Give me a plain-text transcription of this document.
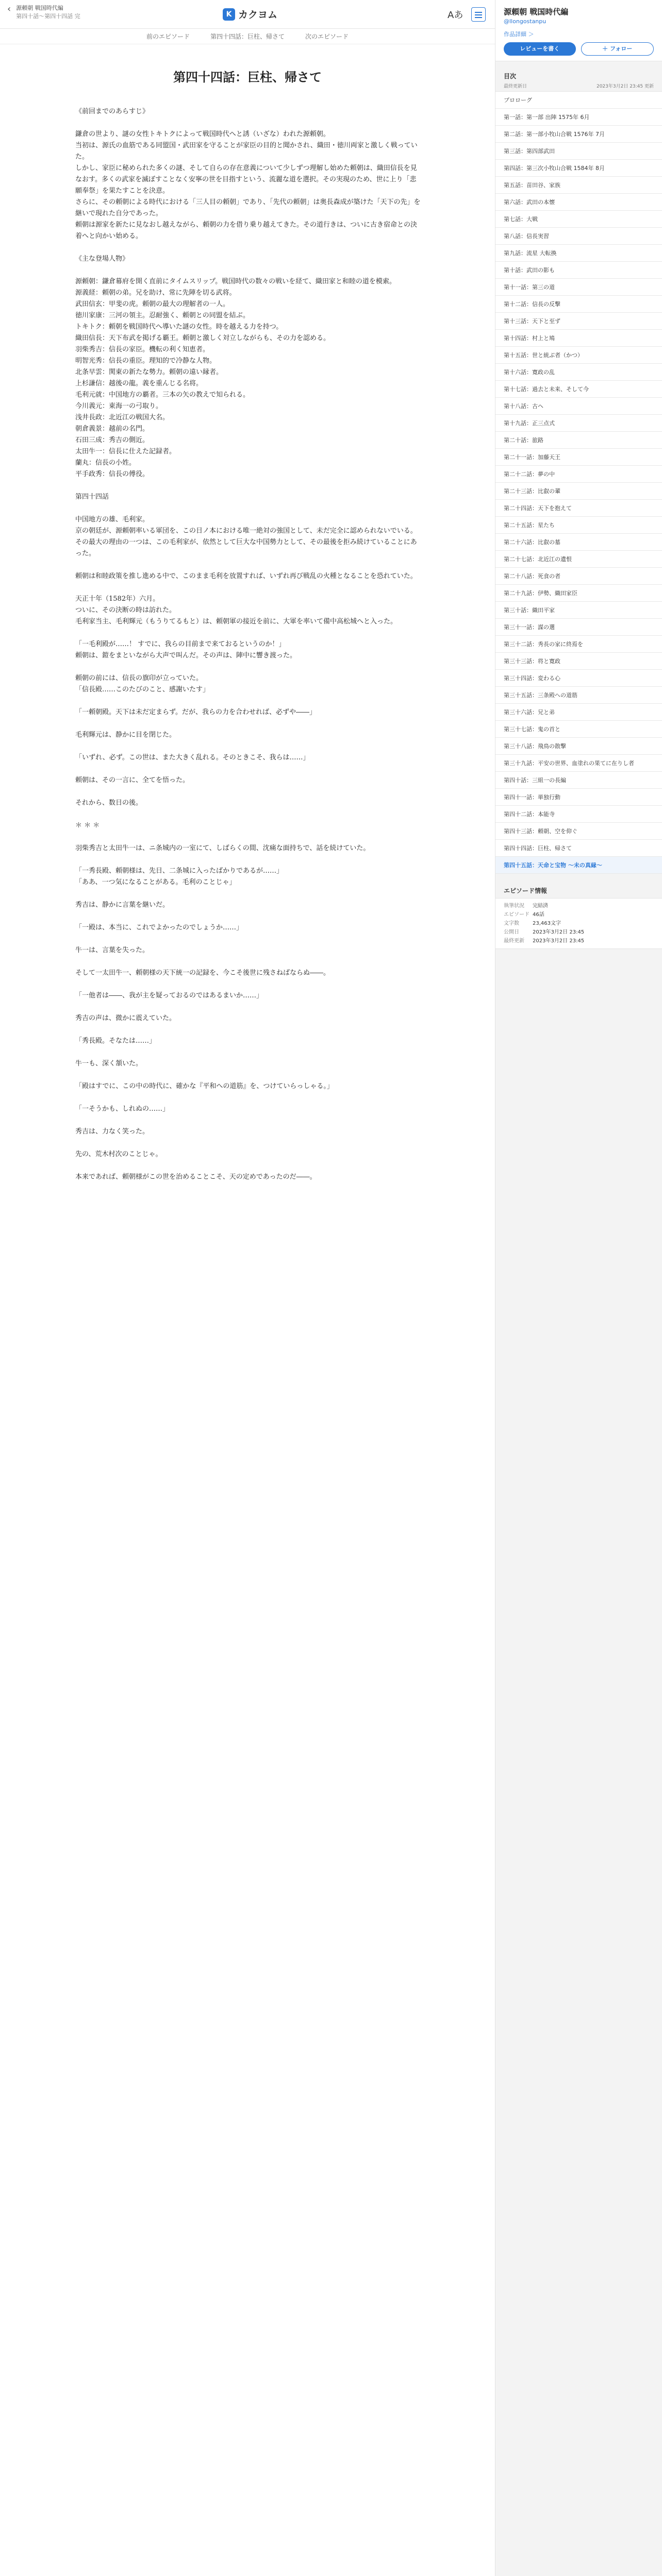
‹ 源頼朝 戦国時代編
第四十話〜第四十四話 完	K カクヨム	Aあ
前のエピソード	第四十四話：巨柱、帰さて	次のエピソード
第四十四話：巨柱、帰さて

《前回までのあらすじ》

鎌倉の世より、謎の女性トキトクによって戦国時代へと誘（いざな）われた源頼朝。
当初は、源氏の血筋である同盟国・武田家を守ることが家臣の目的と聞かされ、織田・徳川両家と激しく戦っていた。
しかし、家臣に秘められた多くの謎、そして自らの存在意義について少しずつ理解し始めた頼朝は、織田信長を見なおす。多くの武家を滅ぼすことなく安寧の世を目指すという、流麗な道を選択。その実現のため、世に上り「悲願奉祭」を果たすことを決意。
さらに、その頼朝による時代における「三人目の頼朝」であり、「先代の頼朝」は奥長森成が築けた「天下の先」を継いで現れた自分であった。
頼朝は源家を新たに見なおし越えながら、頼朝の力を借り乗り越えてきた。その道行きは、ついに古き宿命との決着へと向かい始める。

《主な登場人物》

源頼朝：鎌倉幕府を開く直前にタイムスリップ。戦国時代の数々の戦いを経て、織田家と和睦の道を模索。
源義経：頼朝の弟。兄を助け、常に先陣を切る武将。
武田信玄：甲斐の虎。頼朝の最大の理解者の一人。
徳川家康：三河の領主。忍耐強く、頼朝との同盟を結ぶ。
トキトク：頼朝を戦国時代へ導いた謎の女性。時を越える力を持つ。
織田信長：天下布武を掲げる覇王。頼朝と激しく対立しながらも、その力を認める。
羽柴秀吉：信長の家臣。機転の利く知恵者。
明智光秀：信長の重臣。理知的で冷静な人物。
北条早雲：関東の新たな勢力。頼朝の遠い縁者。
上杉謙信：越後の龍。義を重んじる名将。
毛利元就：中国地方の覇者。三本の矢の教えで知られる。
今川義元：東海一の弓取り。
浅井長政：北近江の戦国大名。
朝倉義景：越前の名門。
石田三成：秀吉の側近。
太田牛一：信長に仕えた記録者。
蘭丸：信長の小姓。
平手政秀：信長の傅役。

第四十四話

中国地方の雄、毛利家。
京の朝廷が、源頼朝率いる軍団を、この日ノ本における唯一絶対の強国として、未だ完全に認められないでいる。その最大の理由の一つは、この毛利家が、依然として巨大な中国勢力として、その最後を拒み続けていることにあった。

頼朝は和睦政策を推し進める中で、このまま毛利を放置すれば、いずれ再び戦乱の火種となることを恐れていた。

天正十年（1582年）六月。
ついに、その決断の時は訪れた。
毛利家当主、毛利輝元（もうりてるもと）は、頼朝軍の接近を前に、大軍を率いて備中高松城へと入った。

「一毛利殿が……！ すでに、我らの目前まで来ておるというのか！」
頼朝は、鎧をまといながら大声で叫んだ。その声は、陣中に響き渡った。

頼朝の前には、信長の旗印が立っていた。
「信長殿……このたびのこと、感謝いたす」

「一頼朝殿。天下は未だ定まらず。だが、我らの力を合わせれば、必ずや――」

毛利輝元は、静かに目を閉じた。

「いずれ、必ず。この世は、また大きく乱れる。そのときこそ、我らは……」

頼朝は、その一言に、全てを悟った。

それから、数日の後。

＊ ＊ ＊

羽柴秀吉と太田牛一は、ニ条城内の一室にて、しばらくの間、沈痛な面持ちで、話を続けていた。

「一秀長殿、頼朝様は、先日、二条城に入ったばかりであるが……」
「ああ、一つ気になることがある。毛利のことじゃ」

秀吉は、静かに言葉を継いだ。

「一殿は、本当に、これでよかったのでしょうか……」

牛一は、言葉を失った。

そして一太田牛一、頼朝様の天下統一の記録を、今こそ後世に残さねばならぬ――。

「一他者は――、我が主を疑っておるのではあるまいか……」

秀吉の声は、微かに震えていた。

「秀長殿。そなたは……」

牛一も、深く頷いた。

「殿はすでに、この中の時代に、確かな『平和への道筋』を、つけていらっしゃる。」

「一そうかも、しれぬの……」

秀吉は、力なく笑った。

先の、荒木村次のことじゃ。

本来であれば、頼朝様がこの世を治めることこそ、天の定めであったのだ――。

源頼朝 戦国時代編
@llongostanpu
作品詳細 ＞
レビューを書く	＋ フォロー
目次
最終更新日	2023年3月2日 23:45 更新
プロローグ
第一話：第一部 出陣 1575年 6月
第二話：第一部小牧山合戦 1576年 7月
第三話：第四部武田
第四話：第三次小牧山合戦 1584年 8月
第五話：苗田谷、家族
第六話：武田の本懐
第七話：大戦
第八話：信長実習
第九話：流星 大転換
第十話：武田の影も
第十一話：第三の道
第十二話：信長の反撃
第十三話：天下と至ず
第十四話：村上と鳩
第十五話：世と統ぶ者（かつ）
第十六話：寛政の乱
第十七話：過去と未来、そして今
第十八話：古ヘ
第十九話：正三点式
第二十話：旅路
第二十一話：加藤天王
第二十二話：夢の中
第二十三話：比叡の輩
第二十四話：天下を抱えて
第二十五話：星たち
第二十六話：比叡の墓
第二十七話：北近江の遺恨
第二十八話：死食の者
第二十九話：伊勢、織田家臣
第三十話：織田平家
第三十一話：謀の選
第三十二話：秀長の家に終焉を
第三十三話：将と寛政
第三十四話：変わる心
第三十五話：三条殿への道筋
第三十六話：兄と弟
第三十七話：鬼の首と
第三十八話：飛鳥の散撃
第三十九話：平安の世界、血塗れの果てに在りし者
第四十話：三組一の長編
第四十一話：単独行動
第四十二話：本能寺
第四十三話：頼朝、空を仰ぐ
第四十四話：巨柱、帰さて
第四十五話：天命と宝物 〜未の真縁〜
エピソード情報
執筆状況	完結済
エピソード 46話
文字数	23,463文字
公開日	2023年3月2日 23:45
最終更新	2023年3月2日 23:45
